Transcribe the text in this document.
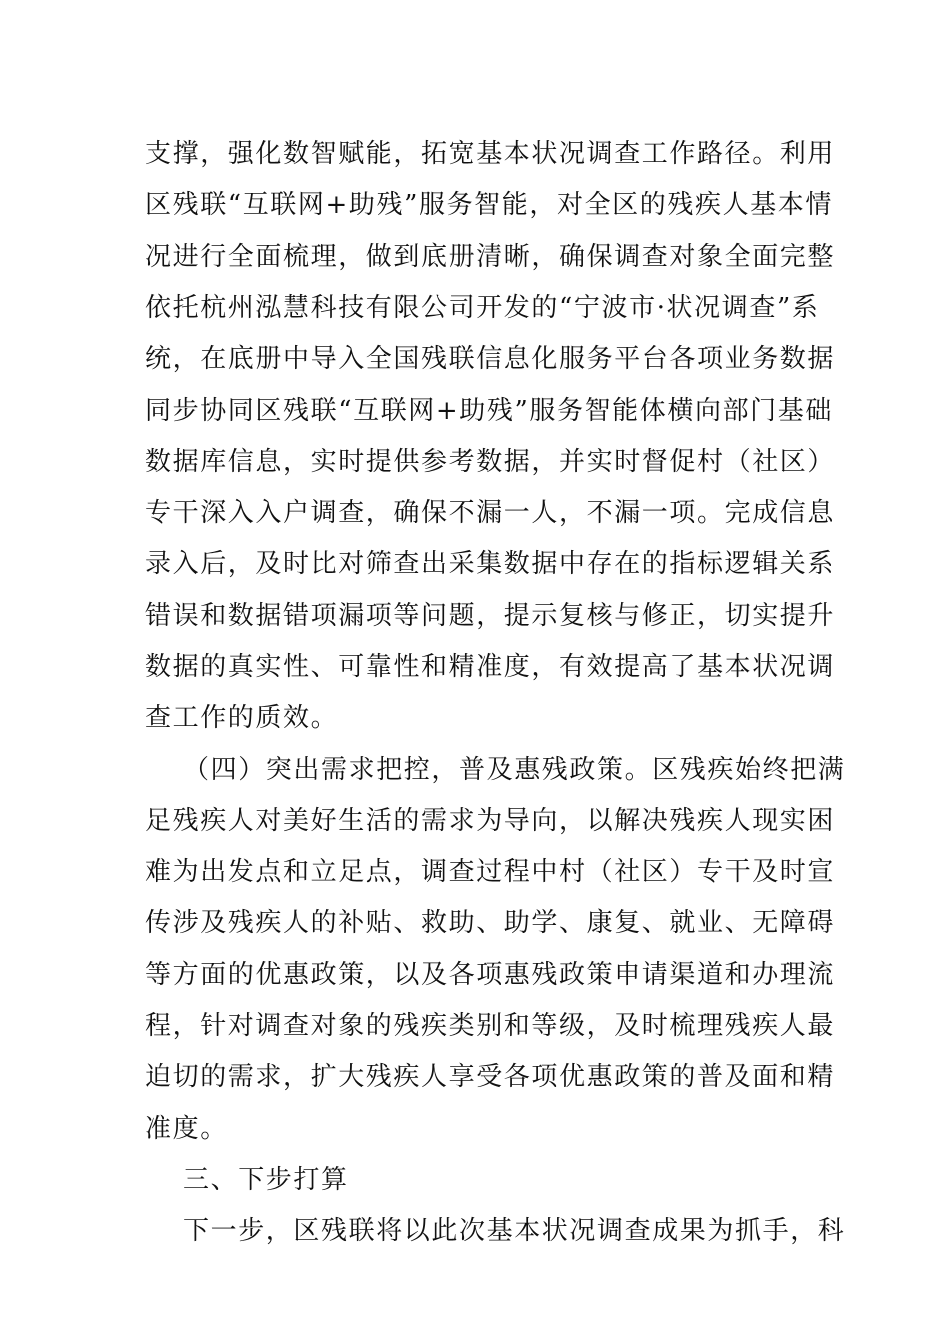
支撑，强化数智赋能，拓宽基本状况调查工作路径。利用
区残联“互联网+助残”服务智能，对全区的残疾人基本情
况进行全面梳理，做到底册清晰，确保调查对象全面完整
依托杭州泓慧科技有限公司开发的“宁波市·状况调查”系
统，在底册中导入全国残联信息化服务平台各项业务数据
同步协同区残联“互联网+助残”服务智能体横向部门基础
数据库信息，实时提供参考数据，并实时督促村（社区）
专干深入入户调查，确保不漏一人，不漏一项。完成信息
录入后，及时比对筛查出采集数据中存在的指标逻辑关系
错误和数据错项漏项等问题，提示复核与修正，切实提升
数据的真实性、可靠性和精准度，有效提高了基本状况调
查工作的质效。
（四）突出需求把控，普及惠残政策。区残疾始终把满
足残疾人对美好生活的需求为导向，以解决残疾人现实困
难为出发点和立足点，调查过程中村（社区）专干及时宣
传涉及残疾人的补贴、救助、助学、康复、就业、无障碍
等方面的优惠政策，以及各项惠残政策申请渠道和办理流
程，针对调查对象的残疾类别和等级，及时梳理残疾人最
迫切的需求，扩大残疾人享受各项优惠政策的普及面和精
准度。
三、下步打算
下一步，区残联将以此次基本状况调查成果为抓手，科
